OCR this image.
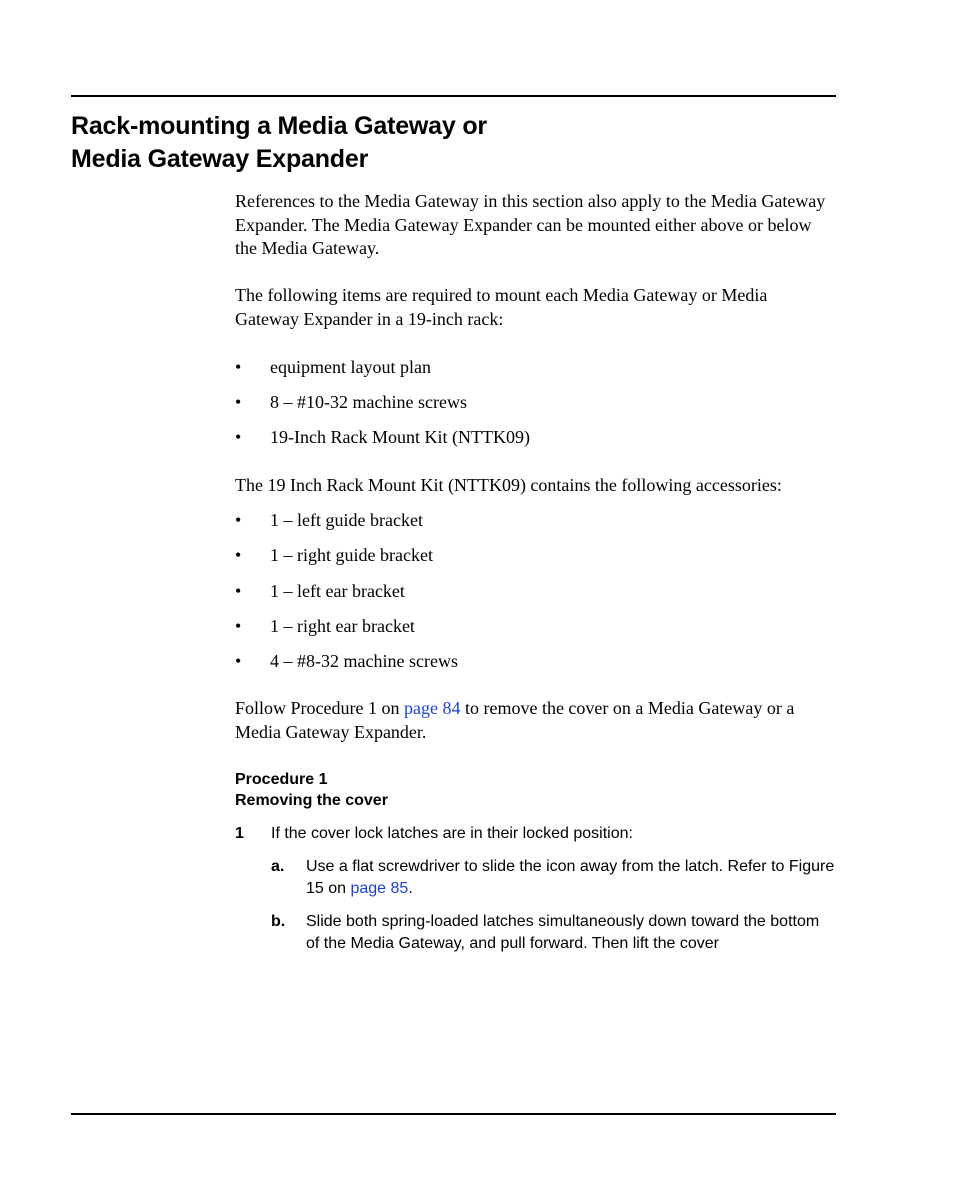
Rack-mounting a Media Gateway or
Media Gateway Expander

References to the Media Gateway in this section also apply to the Media Gateway Expander. The Media Gateway Expander can be mounted either above or below the Media Gateway.

The following items are required to mount each Media Gateway or Media Gateway Expander in a 19-inch rack:

• equipment layout plan
• 8 – #10-32 machine screws
• 19-Inch Rack Mount Kit (NTTK09)

The 19 Inch Rack Mount Kit (NTTK09) contains the following accessories:

• 1 – left guide bracket
• 1 – right guide bracket
• 1 – left ear bracket
• 1 – right ear bracket
• 4 – #8-32 machine screws

Follow Procedure 1 on page 84 to remove the cover on a Media Gateway or a Media Gateway Expander.

Procedure 1
Removing the cover
1 If the cover lock latches are in their locked position:
a. Use a flat screwdriver to slide the icon away from the latch. Refer to Figure 15 on page 85.
b. Slide both spring-loaded latches simultaneously down toward the bottom of the Media Gateway, and pull forward. Then lift the cover
